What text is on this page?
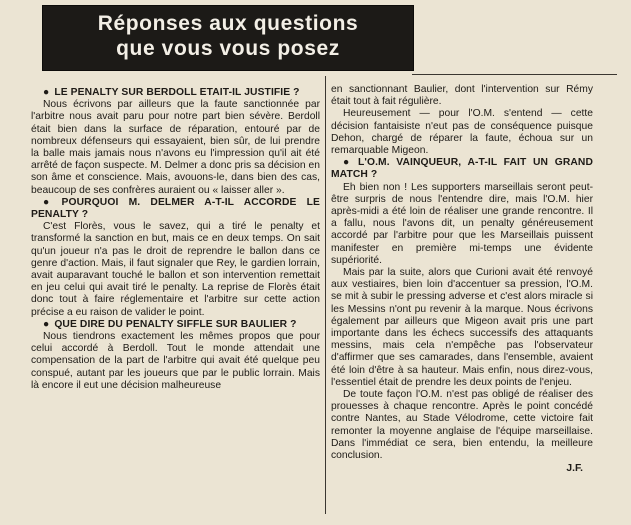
Réponses aux questions
que vous vous posez

● LE PENALTY SUR BERDOLL ETAIT-IL JUSTIFIE ?

Nous écrivons par ailleurs que la faute sanctionnée par l'arbitre nous avait paru pour notre part bien sévère. Berdoll était bien dans la surface de réparation, entouré par de nombreux défenseurs qui essayaient, bien sûr, de lui prendre la balle mais jamais nous n'avons eu l'impression qu'il ait été arrêté de façon suspecte. M. Delmer a donc pris sa décision en son âme et conscience. Mais, avouons-le, dans bien des cas, beaucoup de ses confrères auraient ou « laisser aller ».

● POURQUOI M. DELMER A-T-IL ACCORDE LE PENALTY ?

C'est Florès, vous le savez, qui a tiré le penalty et transformé la sanction en but, mais ce en deux temps. On sait qu'un joueur n'a pas le droit de reprendre le ballon dans ce genre d'action. Mais, il faut signaler que Rey, le gardien lorrain, avait auparavant touché le ballon et son intervention remettait en jeu celui qui avait tiré le penalty. La reprise de Florès était donc tout à faire réglementaire et l'arbitre sur cette action précise a eu raison de valider le point.

● QUE DIRE DU PENALTY SIFFLE SUR BAULIER ?

Nous tiendrons exactement les mêmes propos que pour celui accordé à Berdoll. Tout le monde attendait une compensation de la part de l'arbitre qui avait été quelque peu conspué, autant par les joueurs que par le public lorrain. Mais là encore il eut une décision malheureuse

en sanctionnant Baulier, dont l'intervention sur Rémy était tout à fait régulière.

Heureusement — pour l'O.M. s'entend — cette décision fantaisiste n'eut pas de conséquence puisque Dehon, chargé de réparer la faute, échoua sur un remarquable Migeon.

● L'O.M. VAINQUEUR, A-T-IL FAIT UN GRAND MATCH ?

Eh bien non ! Les supporters marseillais seront peut-être surpris de nous l'entendre dire, mais l'O.M. hier après-midi a été loin de réaliser une grande rencontre. Il a fallu, nous l'avons dit, un penalty généreusement accordé par l'arbitre pour que les Marseillais puissent manifester en première mi-temps une évidente supériorité.

Mais par la suite, alors que Curioni avait été renvoyé aux vestiaires, bien loin d'accentuer sa pression, l'O.M. se mit à subir le pressing adverse et c'est alors miracle si les Messins n'ont pu revenir à la marque. Nous écrivons également par ailleurs que Migeon avait pris une part importante dans les échecs successifs des attaquants messins, mais cela n'empêche pas l'observateur d'affirmer que ses camarades, dans l'ensemble, avaient été loin d'être à sa hauteur. Mais enfin, nous direz-vous, l'essentiel était de prendre les deux points de l'enjeu.

De toute façon l'O.M. n'est pas obligé de réaliser des prouesses à chaque rencontre. Après le point concédé contre Nantes, au Stade Vélodrome, cette victoire fait remonter la moyenne anglaise de l'équipe marseillaise. Dans l'immédiat ce sera, bien entendu, la meilleure conclusion.

J.F.
